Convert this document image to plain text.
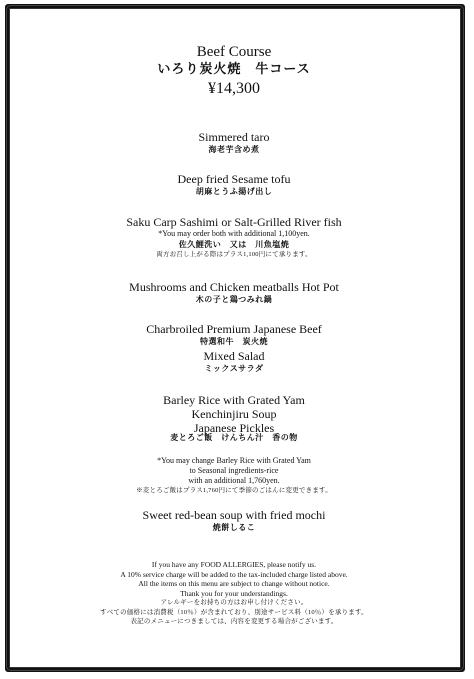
Beef Course
いろり炭火焼　牛コース
¥14,300
Simmered taro
海老芋含め煮
Deep fried Sesame tofu
胡麻とうふ揚げ出し
Saku Carp Sashimi or Salt-Grilled River fish
*You may order both with additional 1,100yen.
佐久鯉洗い　又は　川魚塩焼
両方お召し上がる際はプラス1,100円にて承ります。
Mushrooms and Chicken meatballs Hot Pot
木の子と鶏つみれ鍋
Charbroiled Premium Japanese Beef
特選和牛　炭火焼
Mixed Salad
ミックスサラダ
Barley Rice with Grated Yam
Kenchinjiru Soup
Japanese Pickles
麦とろご飯　けんちん汁　香の物
*You may change Barley Rice with Grated Yam
to Seasonal ingredients-rice
with an additional 1,760yen.
※麦とろご飯はプラス1,760円にて季節のごはんに変更できます。
Sweet red-bean soup with fried mochi
焼餅しるこ
If you have any FOOD ALLERGIES, please notify us.
A 10% service charge will be added to the tax-included charge listed above.
All the items on this menu are subject to change without notice.
Thank you for your understandings.
アレルギーをお持ちの方はお申し付けください。
すべての価格には消費税（10％）が含まれており、別途サービス料（10％）を承ります。
表記のメニューにつきましては、内容を変更する場合がございます。
